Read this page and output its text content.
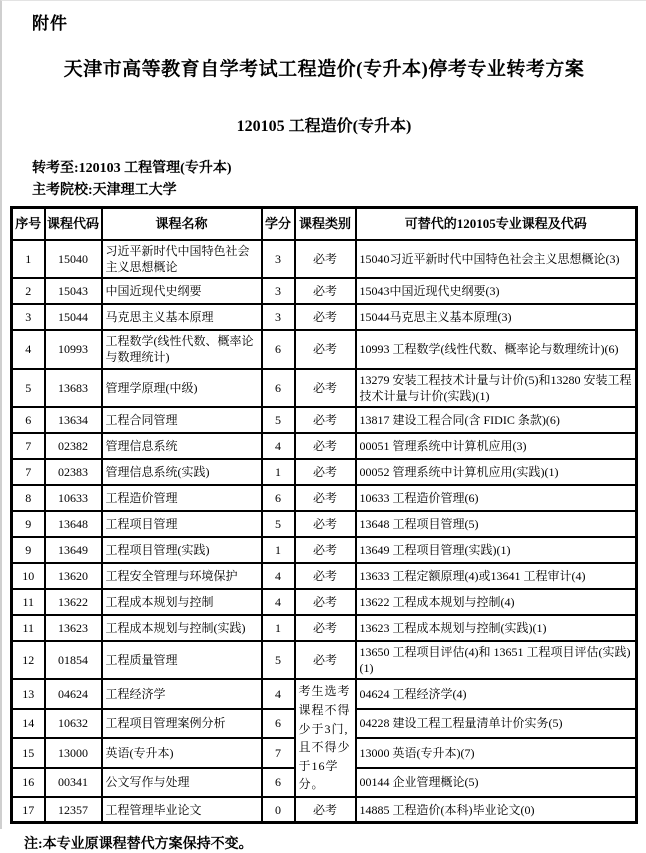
附件
天津市高等教育自学考试工程造价(专升本)停考专业转考方案
120105 工程造价(专升本)
转考至:120103 工程管理(专升本)
主考院校:天津理工大学
序号	课程代码	课程名称	学分	课程类别	可替代的120105专业课程及代码
1	15040	习近平新时代中国特色社会主义思想概论	3	必考	15040习近平新时代中国特色社会主义思想概论(3)
2	15043	中国近现代史纲要	3	必考	15043中国近现代史纲要(3)
3	15044	马克思主义基本原理	3	必考	15044马克思主义基本原理(3)
4	10993	工程数学(线性代数、概率论与数理统计)	6	必考	10993 工程数学(线性代数、概率论与数理统计)(6)
5	13683	管理学原理(中级)	6	必考	13279 安装工程技术计量与计价(5)和13280 安装工程技术计量与计价(实践)(1)
6	13634	工程合同管理	5	必考	13817 建设工程合同(含 FIDIC 条款)(6)
7	02382	管理信息系统	4	必考	00051 管理系统中计算机应用(3)
7	02383	管理信息系统(实践)	1	必考	00052 管理系统中计算机应用(实践)(1)
8	10633	工程造价管理	6	必考	10633 工程造价管理(6)
9	13648	工程项目管理	5	必考	13648 工程项目管理(5)
9	13649	工程项目管理(实践)	1	必考	13649 工程项目管理(实践)(1)
10	13620	工程安全管理与环境保护	4	必考	13633 工程定额原理(4)或13641 工程审计(4)
11	13622	工程成本规划与控制	4	必考	13622 工程成本规划与控制(4)
11	13623	工程成本规划与控制(实践)	1	必考	13623 工程成本规划与控制(实践)(1)
12	01854	工程质量管理	5	必考	13650 工程项目评估(4)和 13651 工程项目评估(实践)(1)
13	04624	工程经济学	4	考生选考课程不得少于3门,且不得少于16学分。	04624 工程经济学(4)
14	10632	工程项目管理案例分析	6		04228 建设工程工程量清单计价实务(5)
15	13000	英语(专升本)	7		13000 英语(专升本)(7)
16	00341	公文写作与处理	6		00144 企业管理概论(5)
17	12357	工程管理毕业论文	0	必考	14885 工程造价(本科)毕业论文(0)
注:本专业原课程替代方案保持不变。
